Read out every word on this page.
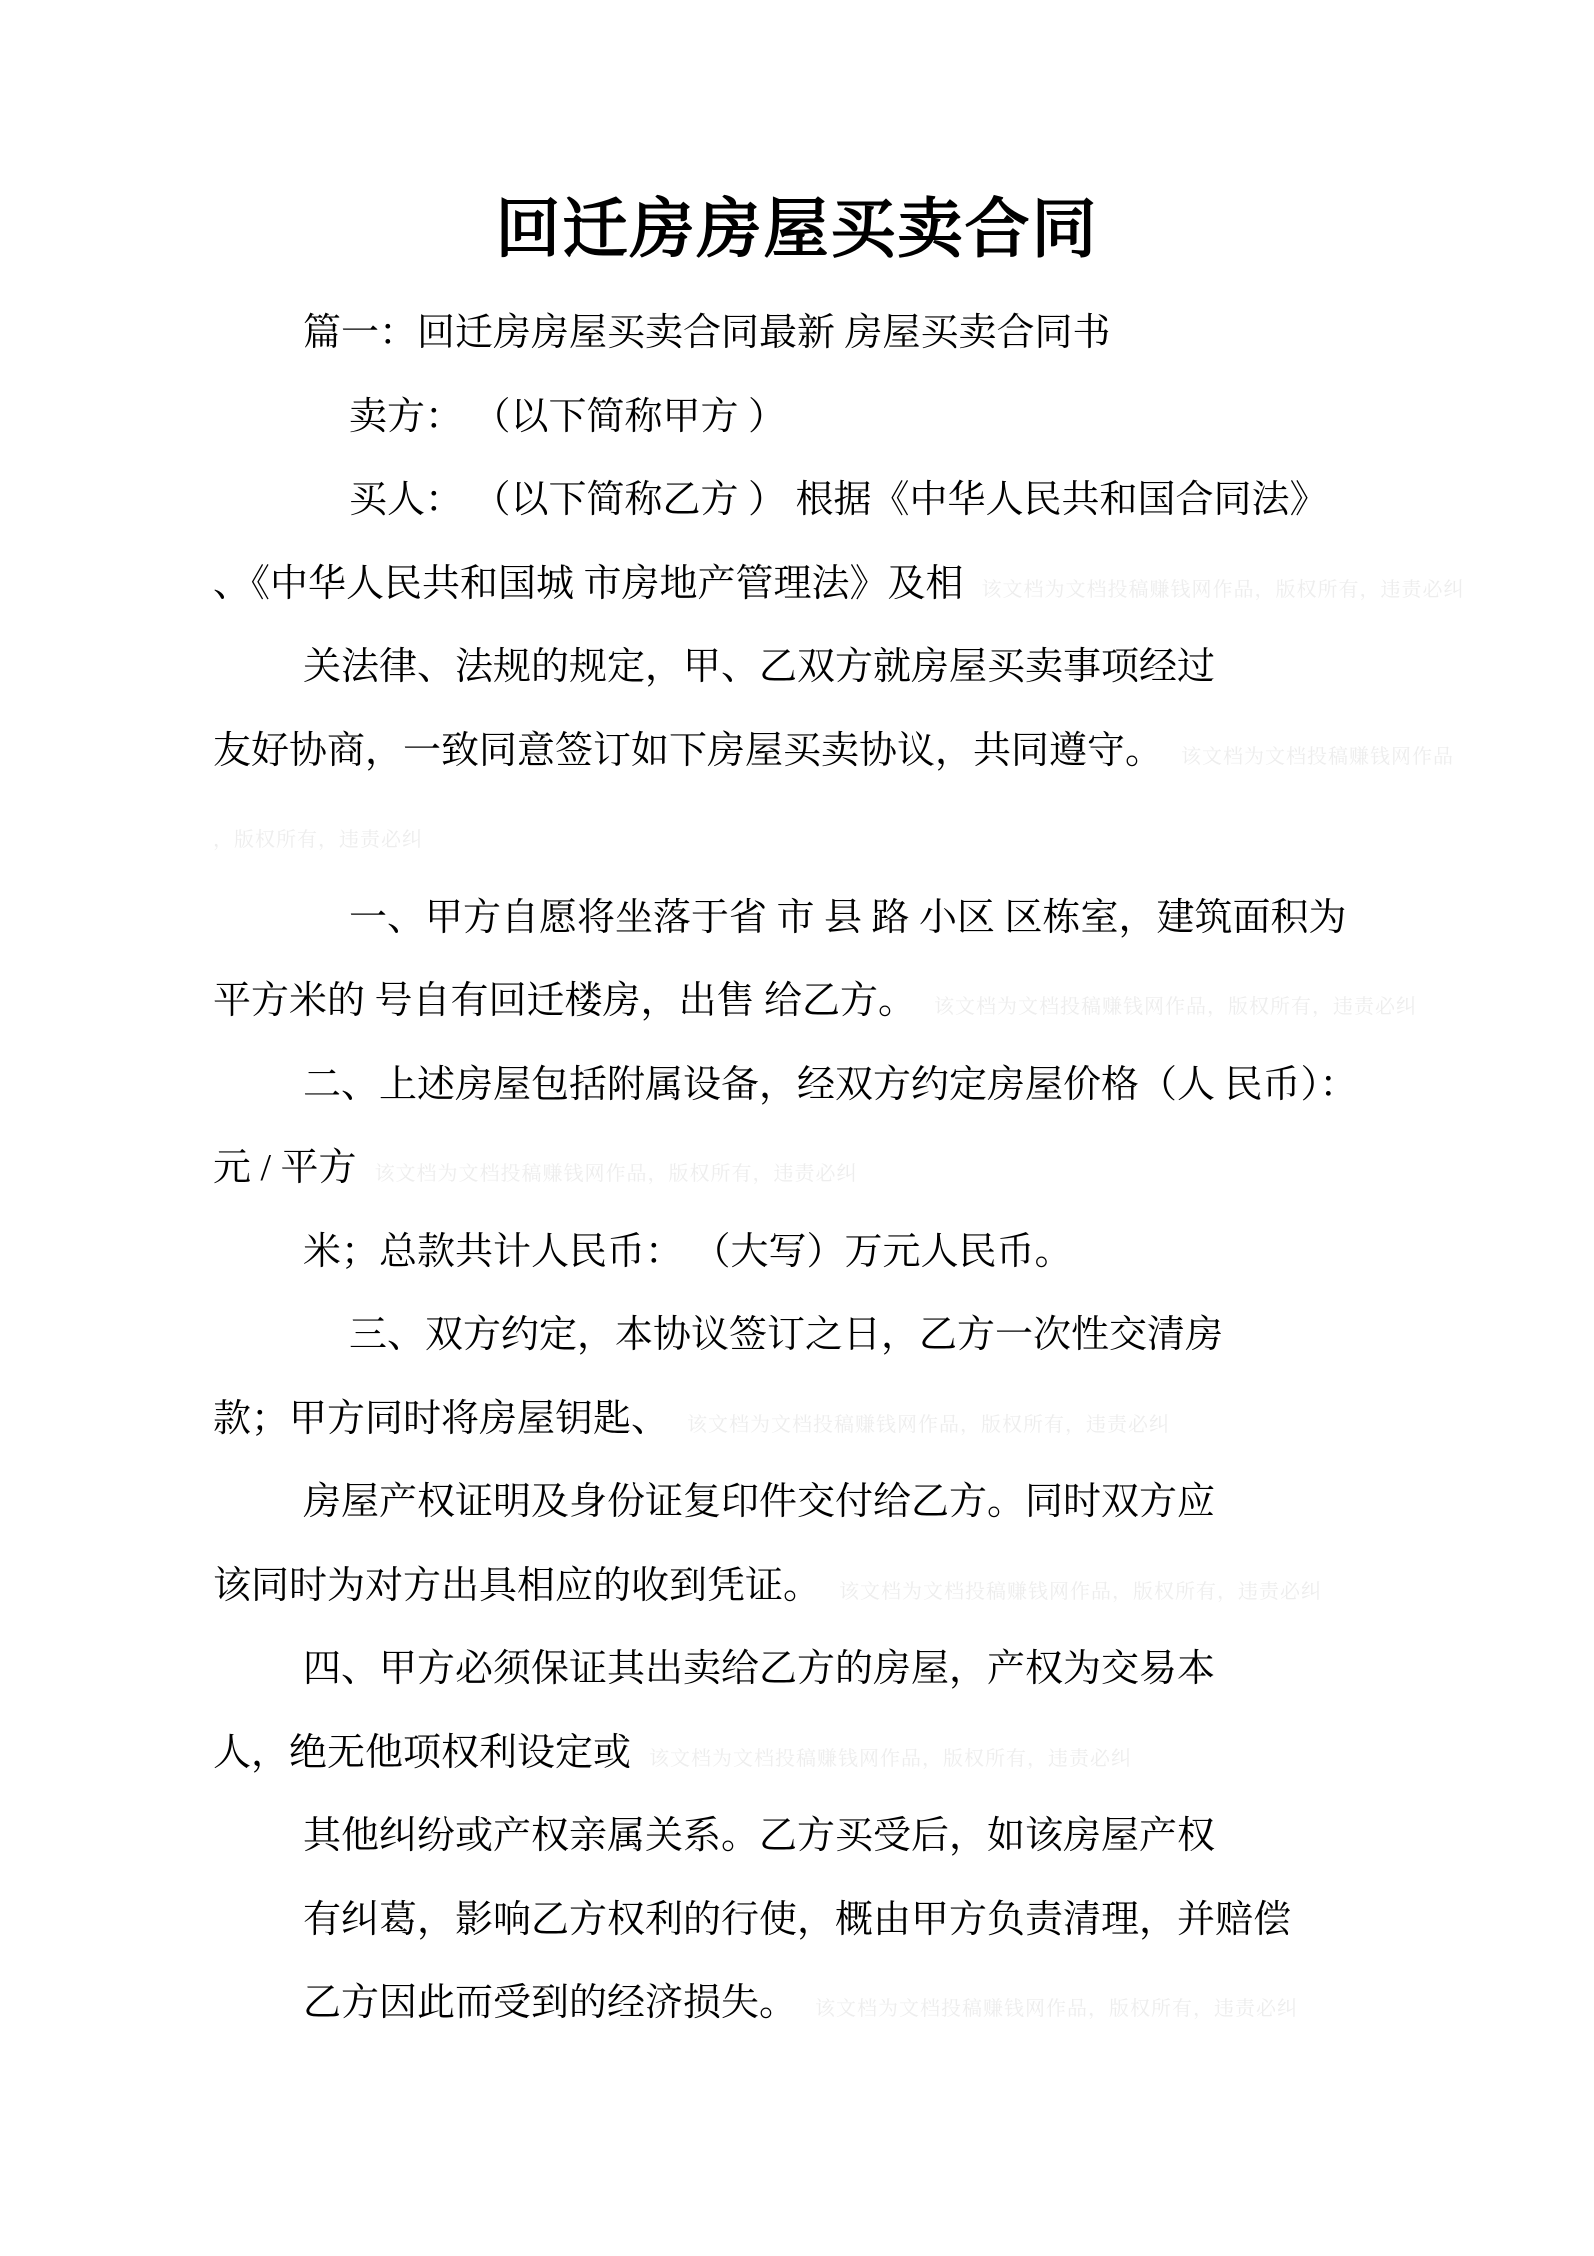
回迁房房屋买卖合同
篇一：回迁房房屋买卖合同最新 房屋买卖合同书
卖方： （以下简称甲方 ）
买人： （以下简称乙方 ） 根据《中华人民共和国合同法》
、《中华人民共和国城 市房地产管理法》及相 该文档为文档投稿赚钱网作品，版权所有，违责必纠
关法律、法规的规定，甲、乙双方就房屋买卖事项经过
友好协商，一致同意签订如下房屋买卖协议，共同遵守。 该文档为文档投稿赚钱网作品
，版权所有，违责必纠
一、甲方自愿将坐落于省 市 县 路 小区 区栋室，建筑面积为
平方米的 号自有回迁楼房，出售 给乙方。 该文档为文档投稿赚钱网作品，版权所有，违责必纠
二、上述房屋包括附属设备，经双方约定房屋价格（人 民币）：
元 / 平方 该文档为文档投稿赚钱网作品，版权所有，违责必纠
米；总款共计人民币： （大写）万元人民币。
三、双方约定，本协议签订之日，乙方一次性交清房
款；甲方同时将房屋钥匙、 该文档为文档投稿赚钱网作品，版权所有，违责必纠
房屋产权证明及身份证复印件交付给乙方。同时双方应
该同时为对方出具相应的收到凭证。 该文档为文档投稿赚钱网作品，版权所有，违责必纠
四、甲方必须保证其出卖给乙方的房屋，产权为交易本
人，绝无他项权利设定或 该文档为文档投稿赚钱网作品，版权所有，违责必纠
其他纠纷或产权亲属关系。乙方买受后，如该房屋产权
有纠葛，影响乙方权利的行使，概由甲方负责清理，并赔偿
乙方因此而受到的经济损失。 该文档为文档投稿赚钱网作品，版权所有，违责必纠
